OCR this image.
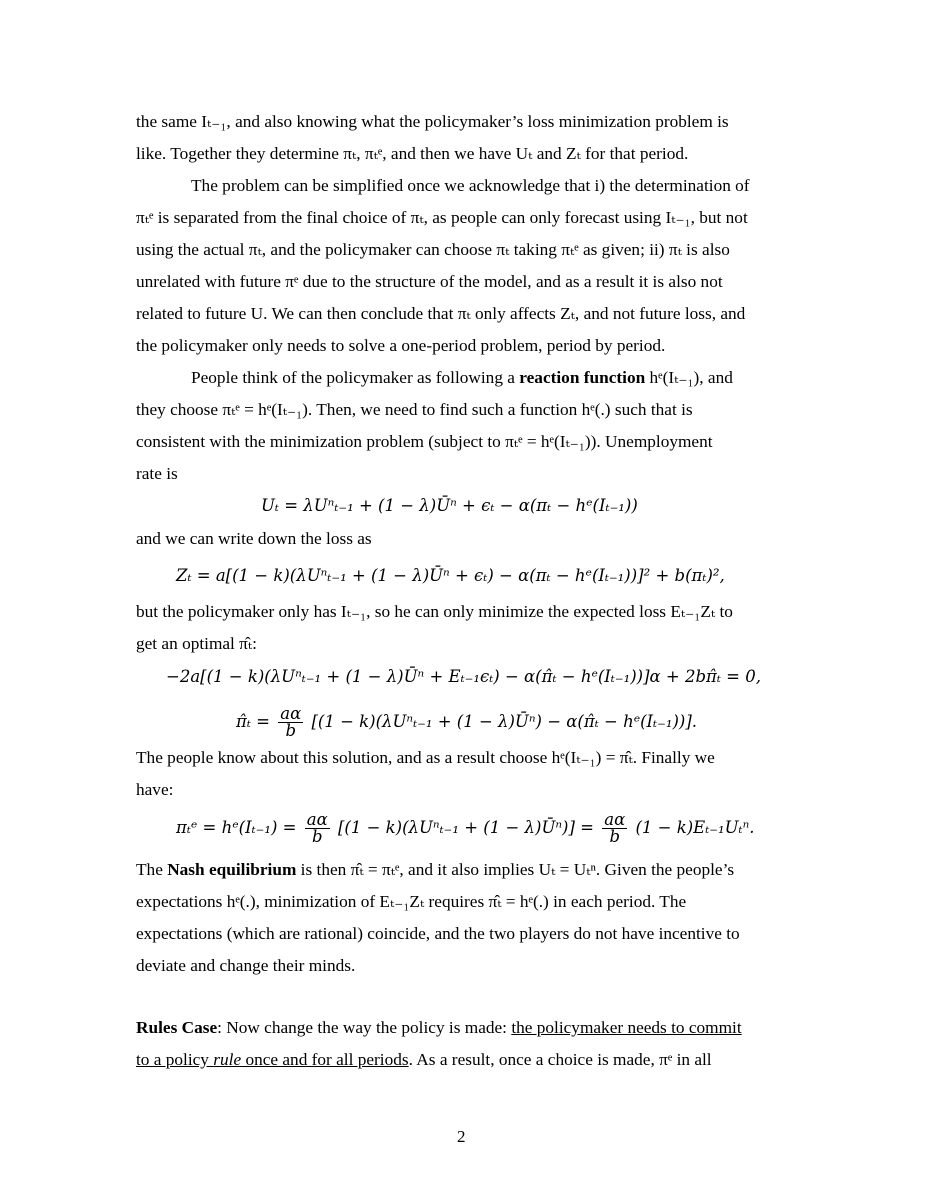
the same Iₜ₋₁, and also knowing what the policymaker’s loss minimization problem is
like. Together they determine πₜ, πₜᵉ, and then we have Uₜ and Zₜ for that period.
The problem can be simplified once we acknowledge that i) the determination of
πₜᵉ is separated from the final choice of πₜ, as people can only forecast using Iₜ₋₁, but not
using the actual πₜ, and the policymaker can choose πₜ taking πₜᵉ as given; ii) πₜ is also
unrelated with future πᵉ due to the structure of the model, and as a result it is also not
related to future U. We can then conclude that πₜ only affects Zₜ, and not future loss, and
the policymaker only needs to solve a one-period problem, period by period.
People think of the policymaker as following a reaction function hᵉ(Iₜ₋₁), and
they choose πₜᵉ = hᵉ(Iₜ₋₁). Then, we need to find such a function hᵉ(.) such that is
consistent with the minimization problem (subject to πₜᵉ = hᵉ(Iₜ₋₁)). Unemployment
rate is
Uₜ = λUⁿₜ₋₁ + (1 − λ)Ūⁿ + ϵₜ − α(πₜ − hᵉ(Iₜ₋₁))
and we can write down the loss as
Zₜ = a[(1 − k)(λUⁿₜ₋₁ + (1 − λ)Ūⁿ + ϵₜ) − α(πₜ − hᵉ(Iₜ₋₁))]² + b(πₜ)²,
but the policymaker only has Iₜ₋₁, so he can only minimize the expected loss Eₜ₋₁Zₜ to
get an optimal π̂ₜ:
−2a[(1 − k)(λUⁿₜ₋₁ + (1 − λ)Ūⁿ + Eₜ₋₁ϵₜ) − α(π̂ₜ − hᵉ(Iₜ₋₁))]α + 2bπ̂ₜ = 0,
π̂ₜ = $\frac{a\alpha}{b} [(1 - k)(\lambda U^n_{t-1} + (1$ − λ)Ūⁿ) − α(π̂ₜ − hᵉ(Iₜ₋₁))].
The people know about this solution, and as a result choose hᵉ(Iₜ₋₁) = π̂ₜ. Finally we
have:
πₜᵉ = hᵉ(Iₜ₋₁) = $\frac{a\alpha}{b} [(1 - k)(\lambda U^n_{t-1} + (1$ − λ)Ūⁿ)] = $\frac{a\alpha}{b} (1 - k)E_{t-1}U_t^n$.
The Nash equilibrium is then π̂ₜ = πₜᵉ, and it also implies Uₜ = Uₜⁿ. Given the people’s
expectations hᵉ(.), minimization of Eₜ₋₁Zₜ requires π̂ₜ = hᵉ(.) in each period. The
expectations (which are rational) coincide, and the two players do not have incentive to
deviate and change their minds.
Rules Case: Now change the way the policy is made: the policymaker needs to commit
to a policy rule once and for all periods. As a result, once a choice is made, πᵉ in all
2
